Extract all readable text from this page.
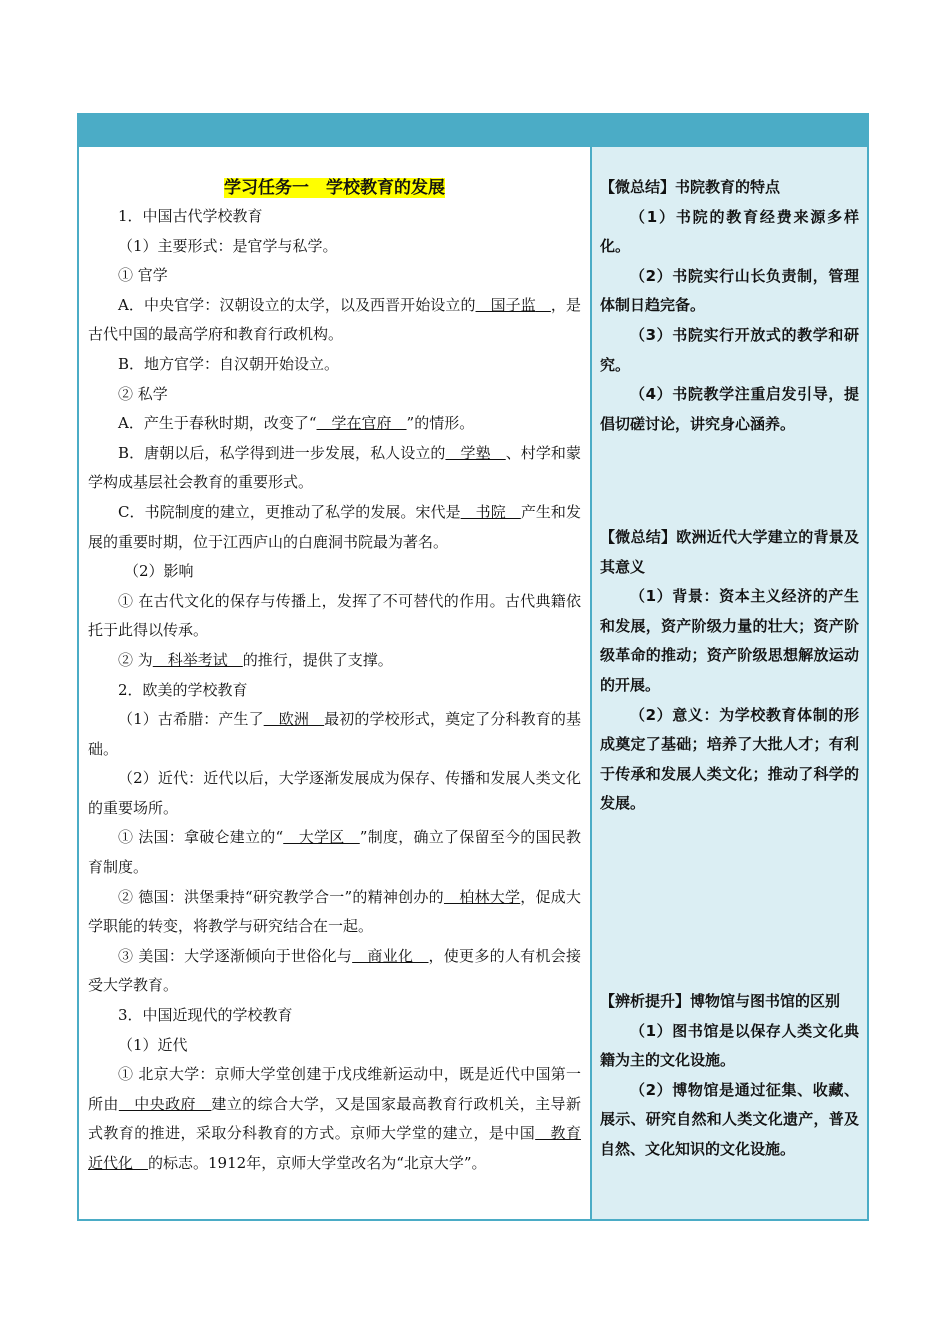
学习任务一　学校教育的发展

1．中国古代学校教育

（1）主要形式：是官学与私学。

① 官学

A．中央官学：汉朝设立的太学，以及西晋开始设立的　国子监　 ，是古代中国的最高学府和教育行政机构。

B．地方官学：自汉朝开始设立。

② 私学

A．产生于春秋时期，改变了“　学在官府　”的情形。

B．唐朝以后，私学得到进一步发展，私人设立的　学塾　、村学和蒙学构成基层社会教育的重要形式。

C．书院制度的建立，更推动了私学的发展。宋代是　书院　产生和发展的重要时期，位于江西庐山的白鹿洞书院最为著名。

（2）影响

① 在古代文化的保存与传播上，发挥了不可替代的作用。古代典籍依托于此得以传承。

② 为　科举考试　的推行，提供了支撑。

2．欧美的学校教育

（1）古希腊：产生了　欧洲　最初的学校形式，奠定了分科教育的基础。

（2）近代：近代以后，大学逐渐发展成为保存、传播和发展人类文化的重要场所。

① 法国：拿破仑建立的“　大学区　”制度，确立了保留至今的国民教育制度。

② 德国：洪堡秉持“研究教学合一”的精神创办的　柏林大学，促成大学职能的转变，将教学与研究结合在一起。

③ 美国：大学逐渐倾向于世俗化与　商业化　，使更多的人有机会接受大学教育。

3．中国近现代的学校教育

（1）近代

① 北京大学：京师大学堂创建于戊戌维新运动中，既是近代中国第一所由　中央政府　建立的综合大学，又是国家最高教育行政机关，主导新式教育的推进，采取分科教育的方式。京师大学堂的建立，是中国　教育近代化　的标志。1912年，京师大学堂改名为“北京大学”。

【微总结】书院教育的特点

（1）书院的教育经费来源多样化。

（2）书院实行山长负责制，管理体制日趋完备。

（3）书院实行开放式的教学和研究。

（4）书院教学注重启发引导，提倡切磋讨论，讲究身心涵养。

【微总结】欧洲近代大学建立的背景及其意义

（1）背景：资本主义经济的产生和发展，资产阶级力量的壮大；资产阶级革命的推动；资产阶级思想解放运动的开展。

（2）意义：为学校教育体制的形成奠定了基础；培养了大批人才；有利于传承和发展人类文化；推动了科学的发展。

【辨析提升】博物馆与图书馆的区别

（1）图书馆是以保存人类文化典籍为主的文化设施。

（2）博物馆是通过征集、收藏、展示、研究自然和人类文化遗产，普及自然、文化知识的文化设施。
